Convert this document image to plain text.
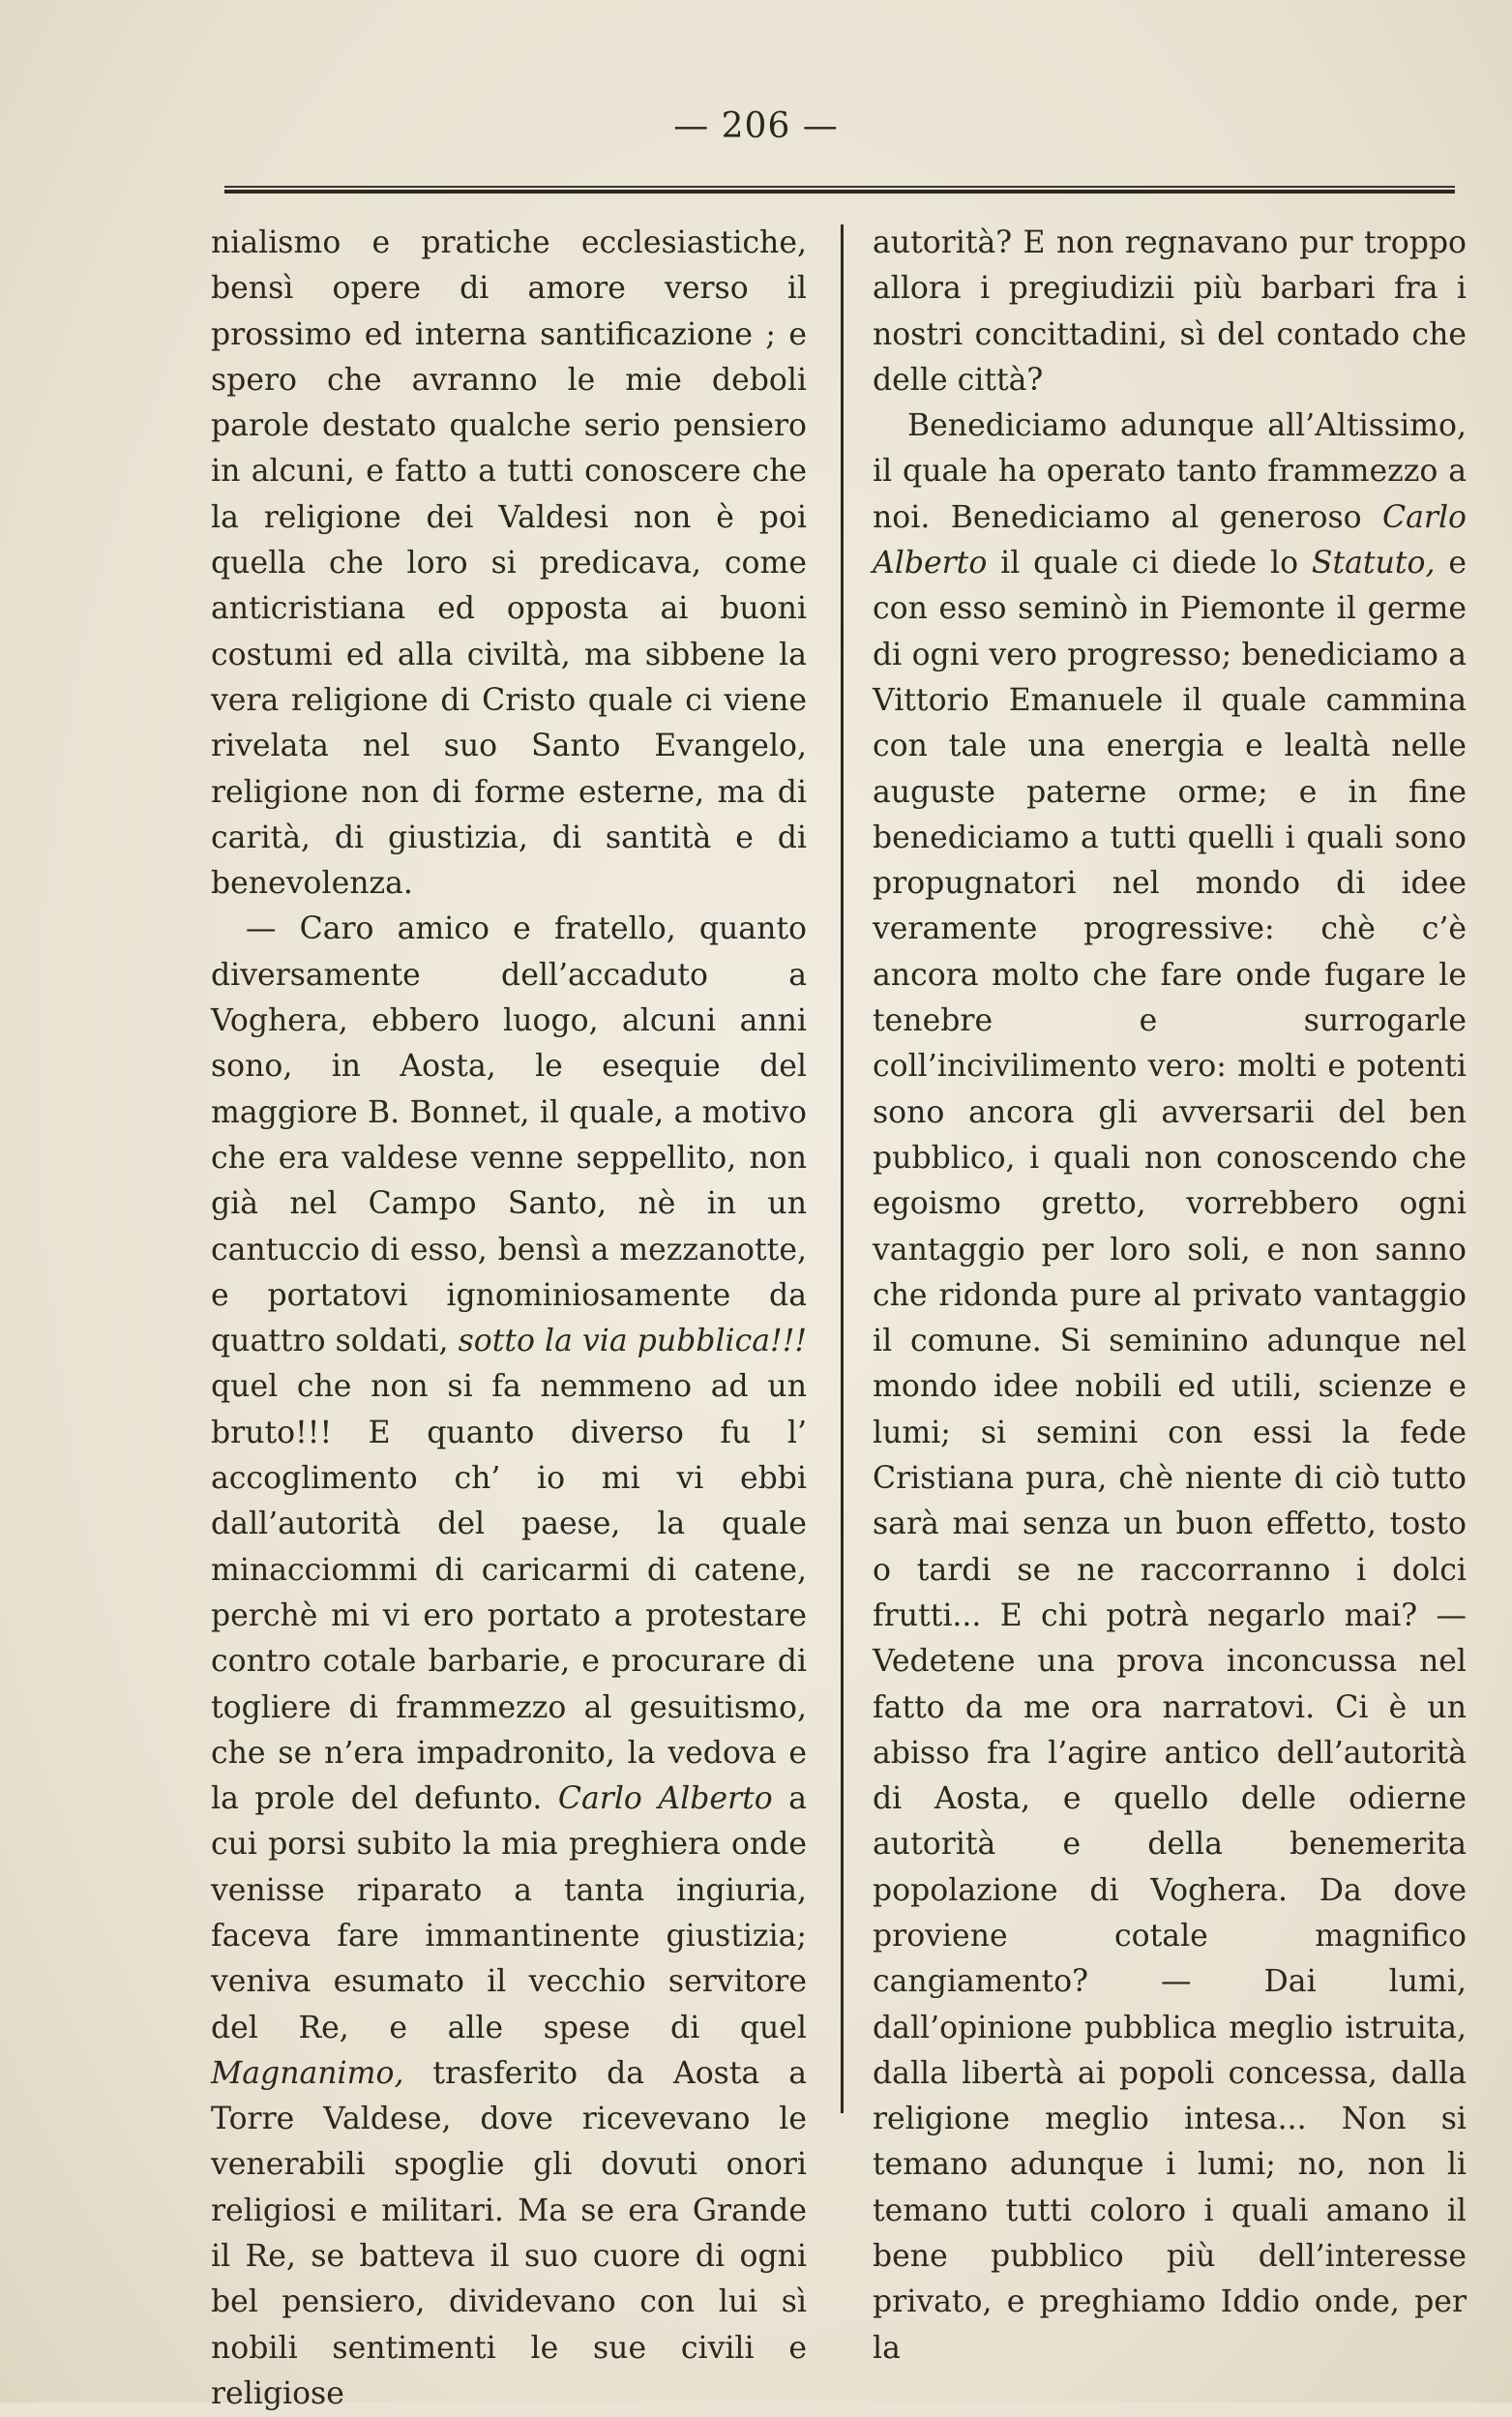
— 206 —

nialismo e pratiche ecclesiastiche, bensì opere di amore verso il prossimo ed interna santificazione ; e spero che avranno le mie deboli parole destato qualche serio pensiero in alcuni, e fatto a tutti conoscere che la religione dei Valdesi non è poi quella che loro si predicava, come anticristiana ed opposta ai buoni costumi ed alla civiltà, ma sibbene la vera religione di Cristo quale ci viene rivelata nel suo Santo Evangelo, religione non di forme esterne, ma di carità, di giustizia, di santità e di benevolenza.

— Caro amico e fratello, quanto diversamente dell’accaduto a Voghera, ebbero luogo, alcuni anni sono, in Aosta, le esequie del maggiore B. Bonnet, il quale, a motivo che era valdese venne seppellito, non già nel Campo Santo, nè in un cantuccio di esso, bensì a mezzanotte, e portatovi ignominiosamente da quattro soldati, sotto la via pubblica!!! quel che non si fa nemmeno ad un bruto!!! E quanto diverso fu l’ accoglimento ch’ io mi vi ebbi dall’autorità del paese, la quale minacciommi di caricarmi di catene, perchè mi vi ero portato a protestare contro cotale barbarie, e procurare di togliere di frammezzo al gesuitismo, che se n’era impadronito, la vedova e la prole del defunto. Carlo Alberto a cui porsi subito la mia preghiera onde venisse riparato a tanta ingiuria, faceva fare immantinente giustizia; veniva esumato il vecchio servitore del Re, e alle spese di quel Magnanimo, trasferito da Aosta a Torre Valdese, dove ricevevano le venerabili spoglie gli dovuti onori religiosi e militari. Ma se era Grande il Re, se batteva il suo cuore di ogni bel pensiero, dividevano con lui sì nobili sentimenti le sue civili e religiose

autorità? E non regnavano pur troppo allora i pregiudizii più barbari fra i nostri concittadini, sì del contado che delle città?

Benediciamo adunque all’Altissimo, il quale ha operato tanto frammezzo a noi. Benediciamo al generoso Carlo Alberto il quale ci diede lo Statuto, e con esso seminò in Piemonte il germe di ogni vero progresso; benediciamo a Vittorio Emanuele il quale cammina con tale una energia e lealtà nelle auguste paterne orme; e in fine benediciamo a tutti quelli i quali sono propugnatori nel mondo di idee veramente progressive: chè c’è ancora molto che fare onde fugare le tenebre e surrogarle coll’incivilimento vero: molti e potenti sono ancora gli avversarii del ben pubblico, i quali non conoscendo che egoismo gretto, vorrebbero ogni vantaggio per loro soli, e non sanno che ridonda pure al privato vantaggio il comune. Si seminino adunque nel mondo idee nobili ed utili, scienze e lumi; si semini con essi la fede Cristiana pura, chè niente di ciò tutto sarà mai senza un buon effetto, tosto o tardi se ne raccorranno i dolci frutti... E chi potrà negarlo mai? — Vedetene una prova inconcussa nel fatto da me ora narratovi. Ci è un abisso fra l’agire antico dell’autorità di Aosta, e quello delle odierne autorità e della benemerita popolazione di Voghera. Da dove proviene cotale magnifico cangiamento? — Dai lumi, dall’opinione pubblica meglio istruita, dalla libertà ai popoli concessa, dalla religione meglio intesa... Non si temano adunque i lumi; no, non li temano tutti coloro i quali amano il bene pubblico più dell’interesse privato, e preghiamo Iddio onde, per la
